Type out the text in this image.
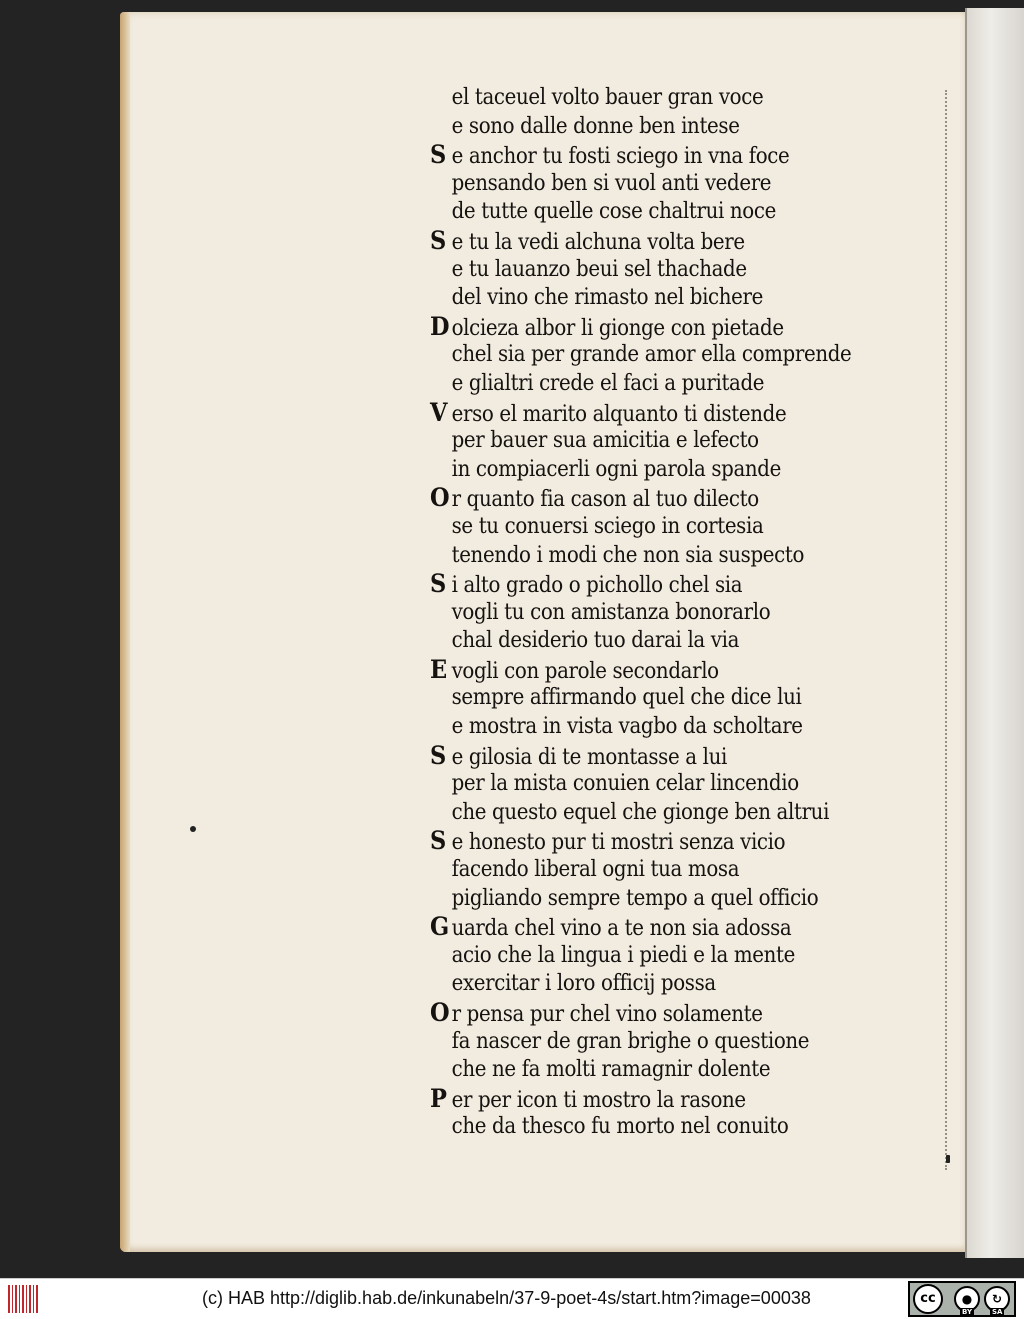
el taceuel volto bauer gran voce
e sono dalle donne ben intese
S e anchor tu fosti sciego in vna foce
pensando ben si vuol anti vedere
de tutte quelle cose chaltrui noce
S e tu la vedi alchuna volta bere
e tu lauanzo beui sel thachade
del vino che rimasto nel bichere
D olcieza albor li gionge con pietade
chel sia per grande amor ella comprende
e glialtri crede el faci a puritade
V erso el marito alquanto ti distende
per bauer sua amicitia e lefecto
in compiacerli ogni parola spande
O r quanto fia cason al tuo dilecto
se tu conuersi sciego in cortesia
tenendo i modi che non sia suspecto
S i alto grado o pichollo chel sia
vogli tu con amistanza bonorarlo
chal desiderio tuo darai la via
E vogli con parole secondarlo
sempre affirmando quel che dice lui
e mostra in vista vagbo da scholtare
S e gilosia di te montasse a lui
per la mista conuien celar lincendio
che questo equel che gionge ben altrui
S e honesto pur ti mostri senza vicio
facendo liberal ogni tua mosa
pigliando sempre tempo a quel officio
G uarda chel vino a te non sia adossa
acio che la lingua i piedi e la mente
exercitar i loro officij possa
O r pensa pur chel vino solamente
fa nascer de gran brighe o questione
che ne fa molti ramagnir dolente
P er per icon ti mostro la rasone
che da thesco fu morto nel conuito
(c) HAB http://diglib.hab.de/inkunabeln/37-9-poet-4s/start.htm?image=00038	cc	●	↻
BY	SA
